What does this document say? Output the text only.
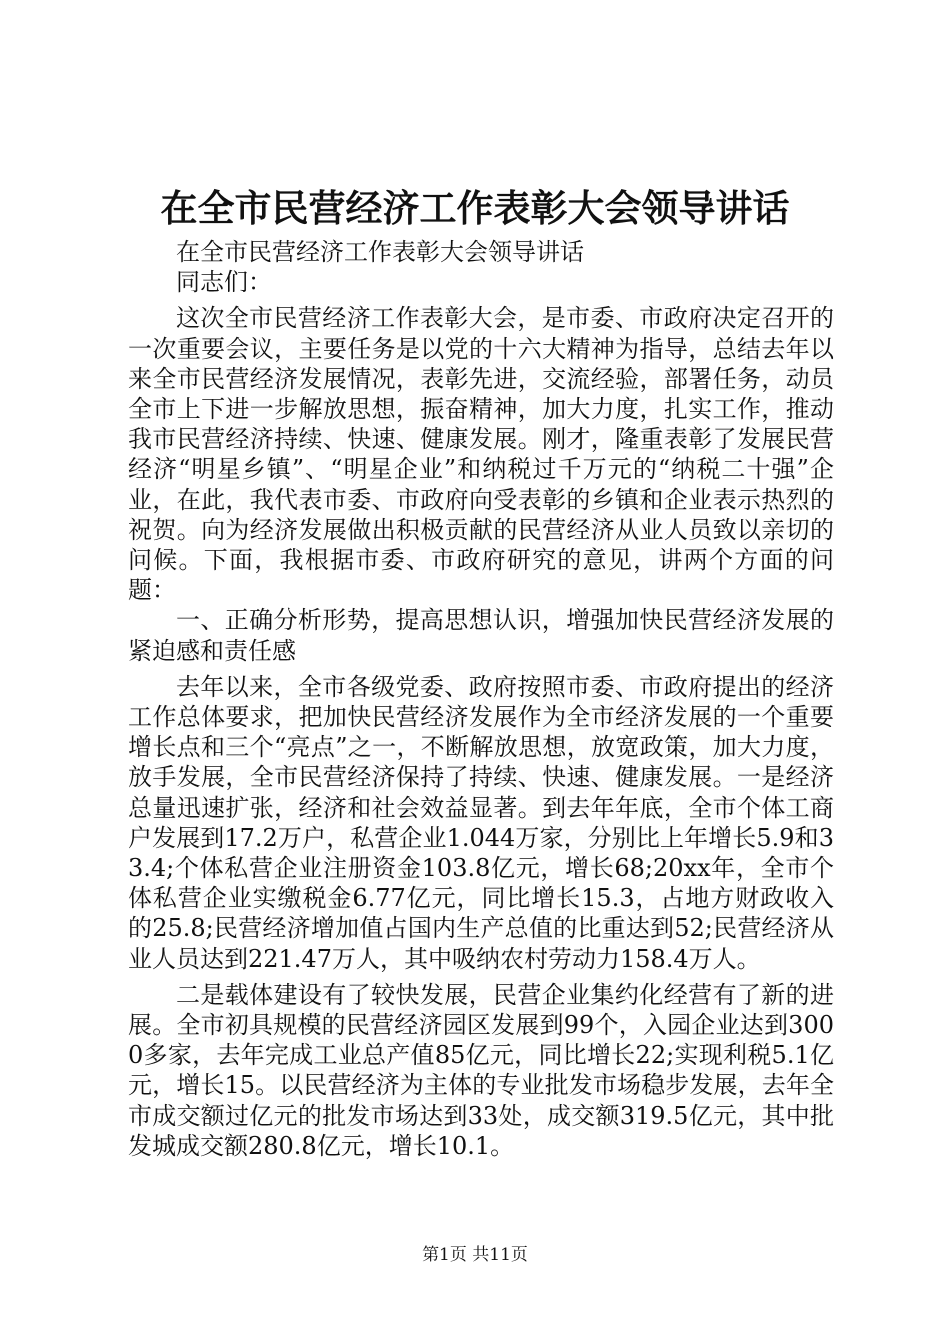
在全市民营经济工作表彰大会领导讲话

在全市民营经济工作表彰大会领导讲话

同志们：

这次全市民营经济工作表彰大会，是市委、市政府决定召开的一次重要会议，主要任务是以党的十六大精神为指导，总结去年以来全市民营经济发展情况，表彰先进，交流经验，部署任务，动员全市上下进一步解放思想，振奋精神，加大力度，扎实工作，推动我市民营经济持续、快速、健康发展。刚才，隆重表彰了发展民营经济“明星乡镇”、“明星企业”和纳税过千万元的“纳税二十强”企业，在此，我代表市委、市政府向受表彰的乡镇和企业表示热烈的祝贺。向为经济发展做出积极贡献的民营经济从业人员致以亲切的问候。下面，我根据市委、市政府研究的意见，讲两个方面的问题：

一、正确分析形势，提高思想认识，增强加快民营经济发展的紧迫感和责任感

去年以来，全市各级党委、政府按照市委、市政府提出的经济工作总体要求，把加快民营经济发展作为全市经济发展的一个重要增长点和三个“亮点”之一，不断解放思想，放宽政策，加大力度，放手发展，全市民营经济保持了持续、快速、健康发展。一是经济总量迅速扩张，经济和社会效益显著。到去年年底，全市个体工商户发展到17.2万户，私营企业1.044万家，分别比上年增长5.9和33.4;个体私营企业注册资金103.8亿元，增长68;20xx年，全市个体私营企业实缴税金6.77亿元，同比增长15.3，占地方财政收入的25.8;民营经济增加值占国内生产总值的比重达到52;民营经济从业人员达到221.47万人，其中吸纳农村劳动力158.4万人。

二是载体建设有了较快发展，民营企业集约化经营有了新的进展。全市初具规模的民营经济园区发展到99个，入园企业达到3000多家，去年完成工业总产值85亿元，同比增长22;实现利税5.1亿元，增长15。以民营经济为主体的专业批发市场稳步发展，去年全市成交额过亿元的批发市场达到33处，成交额319.5亿元，其中批发城成交额280.8亿元，增长10.1。

第1页 共11页
